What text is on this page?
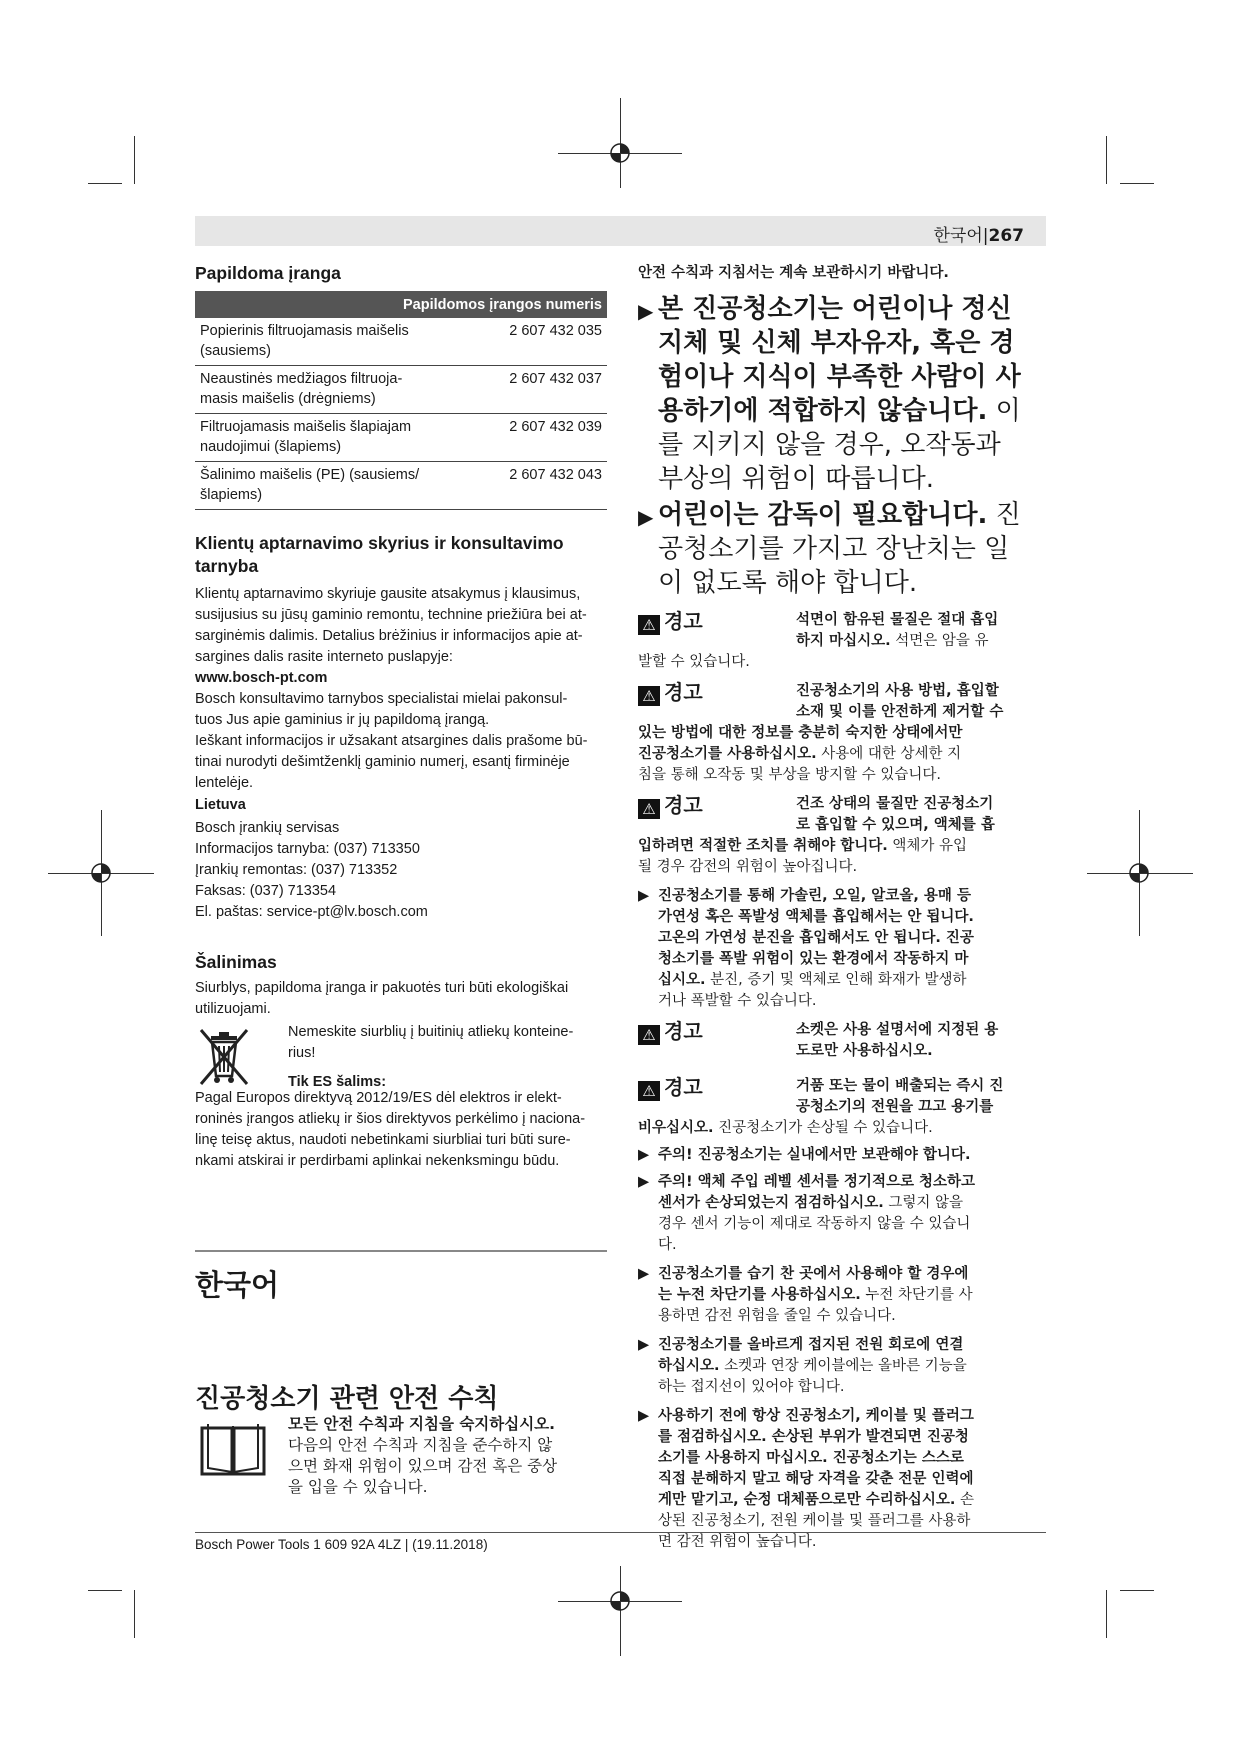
한국어|267
Papildoma įranga
Papildomos įrangos numeris	
Popierinis filtruojamasis maišelis
(sausiems)	2 607 432 035
Neaustinės medžiagos filtruoja-
masis maišelis (drėgniems)	2 607 432 037
Filtruojamasis maišelis šlapiajam
naudojimui (šlapiems)	2 607 432 039
Šalinimo maišelis (PE) (sausiems/
šlapiems)	2 607 432 043
Klientų aptarnavimo skyrius ir konsultavimo
tarnyba

Klientų aptarnavimo skyriuje gausite atsakymus į klausimus,

susijusius su jūsų gaminio remontu, technine priežiūra bei at-

sarginėmis dalimis. Detalius brėžinius ir informacijos apie at-

sargines dalis rasite interneto puslapyje:

www.bosch-pt.com

Bosch konsultavimo tarnybos specialistai mielai pakonsul-

tuos Jus apie gaminius ir jų papildomą įrangą.

Ieškant informacijos ir užsakant atsargines dalis prašome bū-

tinai nurodyti dešimtženklį gaminio numerį, esantį firminėje

lentelėje.

Lietuva

Bosch įrankių servisas

Informacijos tarnyba: (037) 713350

Įrankių remontas: (037) 713352

Faksas: (037) 713354

El. paštas: service-pt@lv.bosch.com

Šalinimas

Siurblys, papildoma įranga ir pakuotės turi būti ekologiškai

utilizuojami.

Nemeskite siurblių į buitinių atliekų konteine-

rius!

Tik ES šalims:

Pagal Europos direktyvą 2012/19/ES dėl elektros ir elekt-

roninės įrangos atliekų ir šios direktyvos perkėlimo į naciona-

linę teisę aktus, naudoti nebetinkami siurbliai turi būti sure-

nkami atskirai ir perdirbami aplinkai nekenksmingu būdu.

한국어
진공청소기 관련 안전 수칙

모든 안전 수칙과 지침을 숙지하십시오.

다음의 안전 수칙과 지침을 준수하지 않

으면 화재 위험이 있으며 감전 혹은 중상

을 입을 수 있습니다.

안전 수칙과 지침서는 계속 보관하시기 바랍니다.

▶ 본 진공청소기는 어린이나 정신
지체 및 신체 부자유자, 혹은 경
험이나 지식이 부족한 사람이 사
용하기에 적합하지 않습니다. 이
를 지키지 않을 경우, 오작동과
부상의 위험이 따릅니다.
▶ 어린이는 감독이 필요합니다. 진
공청소기를 가지고 장난치는 일
이 없도록 해야 합니다.
⚠ 경고	석면이 함유된 물질은 절대 흡입
하지 마십시오. 석면은 암을 유
발할 수 있습니다.
⚠ 경고	진공청소기의 사용 방법, 흡입할
소재 및 이를 안전하게 제거할 수
있는 방법에 대한 정보를 충분히 숙지한 상태에서만
진공청소기를 사용하십시오. 사용에 대한 상세한 지
침을 통해 오작동 및 부상을 방지할 수 있습니다.
⚠ 경고	건조 상태의 물질만 진공청소기
로 흡입할 수 있으며, 액체를 흡
입하려면 적절한 조치를 취해야 합니다. 액체가 유입
될 경우 감전의 위험이 높아집니다.
▶ 진공청소기를 통해 가솔린, 오일, 알코올, 용매 등
가연성 혹은 폭발성 액체를 흡입해서는 안 됩니다.
고온의 가연성 분진을 흡입해서도 안 됩니다. 진공
청소기를 폭발 위험이 있는 환경에서 작동하지 마
십시오. 분진, 증기 및 액체로 인해 화재가 발생하
거나 폭발할 수 있습니다.
⚠ 경고	소켓은 사용 설명서에 지정된 용
도로만 사용하십시오.
⚠ 경고	거품 또는 물이 배출되는 즉시 진
공청소기의 전원을 끄고 용기를
비우십시오. 진공청소기가 손상될 수 있습니다.
▶ 주의! 진공청소기는 실내에서만 보관해야 합니다.
▶ 주의! 액체 주입 레벨 센서를 정기적으로 청소하고
센서가 손상되었는지 점검하십시오. 그렇지 않을
경우 센서 기능이 제대로 작동하지 않을 수 있습니
다.
▶ 진공청소기를 습기 찬 곳에서 사용해야 할 경우에
는 누전 차단기를 사용하십시오. 누전 차단기를 사
용하면 감전 위험을 줄일 수 있습니다.
▶ 진공청소기를 올바르게 접지된 전원 회로에 연결
하십시오. 소켓과 연장 케이블에는 올바른 기능을
하는 접지선이 있어야 합니다.
▶ 사용하기 전에 항상 진공청소기, 케이블 및 플러그
를 점검하십시오. 손상된 부위가 발견되면 진공청
소기를 사용하지 마십시오. 진공청소기는 스스로
직접 분해하지 말고 해당 자격을 갖춘 전문 인력에
게만 맡기고, 순정 대체품으로만 수리하십시오. 손
상된 진공청소기, 전원 케이블 및 플러그를 사용하
면 감전 위험이 높습니다.
Bosch Power Tools 1 609 92A 4LZ | (19.11.2018)
